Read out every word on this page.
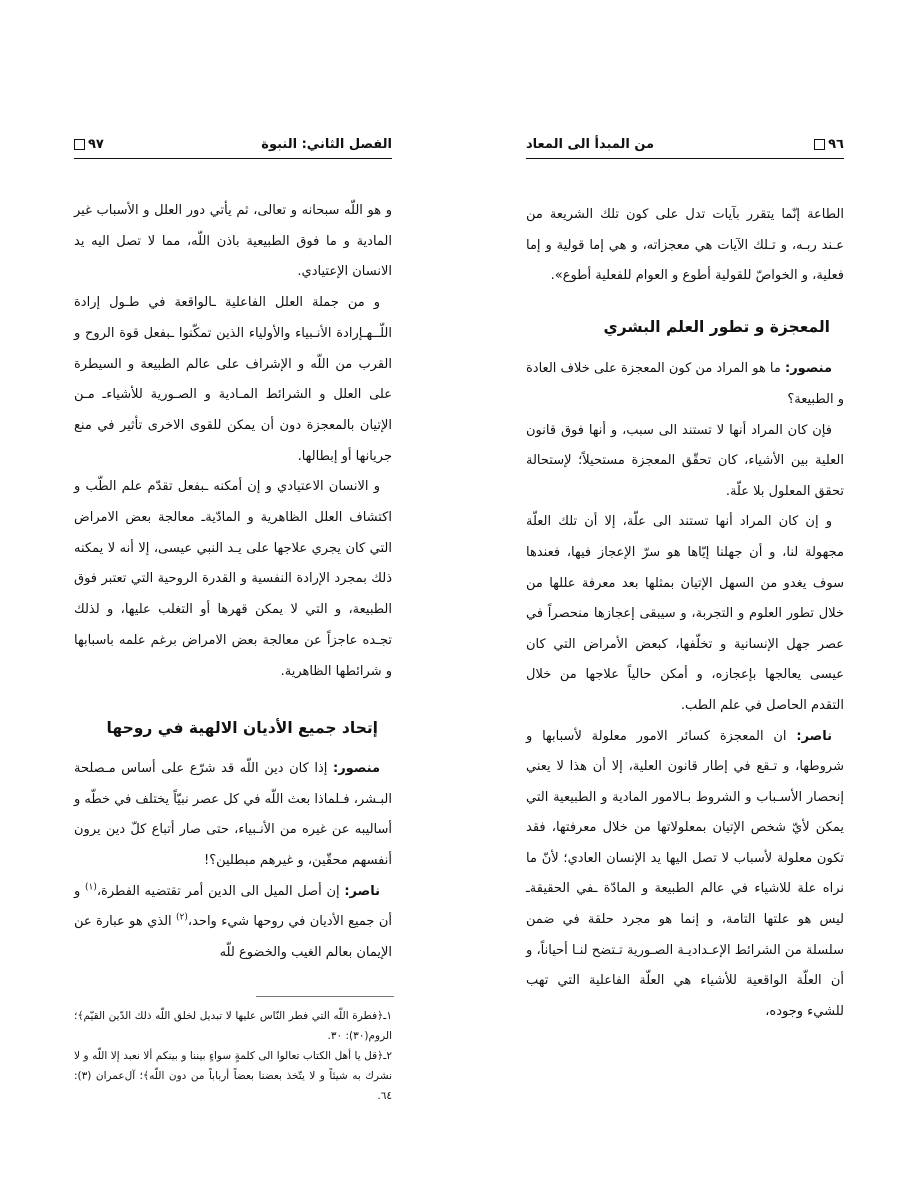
الفصل الثاني: النبوة
٩٧

و هو اللّه سبحانه و تعالى، ثم يأتي دور العلل و الأسباب غير المادية و ما فوق الطبيعية باذن اللّه، مما لا تصل اليه يد الانسان الإعتيادي.

و من جملة العلل الفاعلية ـالواقعة في طـول إرادة اللّــهـإرادة الأنـبياء والأولياء الذين تمكّنوا ـبفعل قوة الروح و القرب من اللّه و الإشراف على عالم الطبيعة و السيطرة على العلل و الشرائط المـادية و الصـورية للأشياءـ مـن الإتيان بالمعجزة دون أن يمكن للقوى الاخرى تأثير في منع جريانها أو إبطالها.

و الانسان الاعتيادي و إن أمكنه ـبفعل تقدّم علم الطّب و اكتشاف العلل الظاهرية و المادّيةـ معالجة بعض الامراض التي كان يجري علاجها على يـد النبي عيسى، إلا أنه لا يمكنه ذلك بمجرد الإرادة النفسية و القدرة الروحية التي تعتبر فوق الطبيعة، و التي لا يمكن قهرها أو التغلب عليها، و لذلك تجـده عاجزاً عن معالجة بعض الامراض برغم علمه باسبابها و شرائطها الظاهرية.

إتحاد جميع الأديان الالهية في روحها

منصور: إذا كان دين اللّه قد شرّع على أساس مـصلحة البـشر، فـلماذا بعث اللّه في كل عصر نبيّاً يختلف في خطّه و أساليبه عن غيره من الأنـبياء، حتى صار أتباع كلّ دين يرون أنفسهم محقّين، و غيرهم مبطلين؟!

ناصر: إن أصل الميل الى الدين أمر تقتضيه الفطرة،$^{(١)}$ و أن جميع الأديان في روحها شيء واحد،$^{(٢)}$ الذي هو عبارة عن الإيمان بعالم الغيب والخضوع للّه

١ـ﴿فطرة اللّه التي فطر النّاس عليها لا تبديل لخلق اللّه ذلك الدّين القيّم﴾؛ الروم(٣٠): ٣٠.

٢ـ﴿قل يا أهل الكتاب تعالوا الى كلمةٍ سواءٍ بيننا و بينكم ألا نعبد إلا اللّه و لا نشرك به شيئاً و لا يتّخذ بعضنا بعضاً أرباباً من دون اللّه﴾؛ آل‌عمران (٣): ٦٤.

٩٦
من المبدأ الى المعاد

الطاعة إنّما يتقرر بآيات تدل على كون تلك الشريعة من عـند ربـه، و تـلك الآيات هي معجزاته، و هي إما قولية و إما فعلية، و الخواصّ للقولية أطوع و العوام للفعلية أطوع».

المعجزة و تطور العلم البشري

منصور: ما هو المراد من كون المعجزة على خلاف العادة و الطبيعة؟

فإن كان المراد أنها لا تستند الى سبب، و أنها فوق قانون العلية بين الأشياء، كان تحقّق المعجزة مستحيلاً؛ لإستحالة تحقق المعلول بلا علّة.

و إن كان المراد أنها تستند الى علّة، إلا أن تلك العلّة مجهولة لنا، و أن جهلنا إيّاها هو سرّ الإعجاز فيها، فعندها سوف يغدو من السهل الإتيان بمثلها بعد معرفة عللها من خلال تطور العلوم و التجربة، و سيبقى إعجازها منحصراً في عصر جهل الإنسانية و تخلّفها، كبعض الأمراض التي كان عيسى يعالجها بإعجازه، و أمكن حالياً علاجها من خلال التقدم الحاصل في علم الطب.

ناصر: ان المعجزة كسائر الامور معلولة لأسبابها و شروطها، و تـقع في إطار قانون العلية، إلا أن هذا لا يعني إنحصار الأسـباب و الشروط بـالامور المادية و الطبيعية التي يمكن لأيّ شخص الإتيان بمعلولاتها من خلال معرفتها، فقد تكون معلولة لأسباب لا تصل اليها يد الإنسان العادي؛ لأنّ ما نراه علة للاشياء في عالم الطبيعة و المادّة ـفي الحقيقةـ ليس هو علتها التامة، و إنما هو مجرد حلقة في ضمن سلسلة من الشرائط الإعـداديـة الصـورية تـتضح لنـا أحياناً، و أن العلّة الواقعية للأشياء هي العلّة الفاعلية التي تهب للشيء وجوده،
